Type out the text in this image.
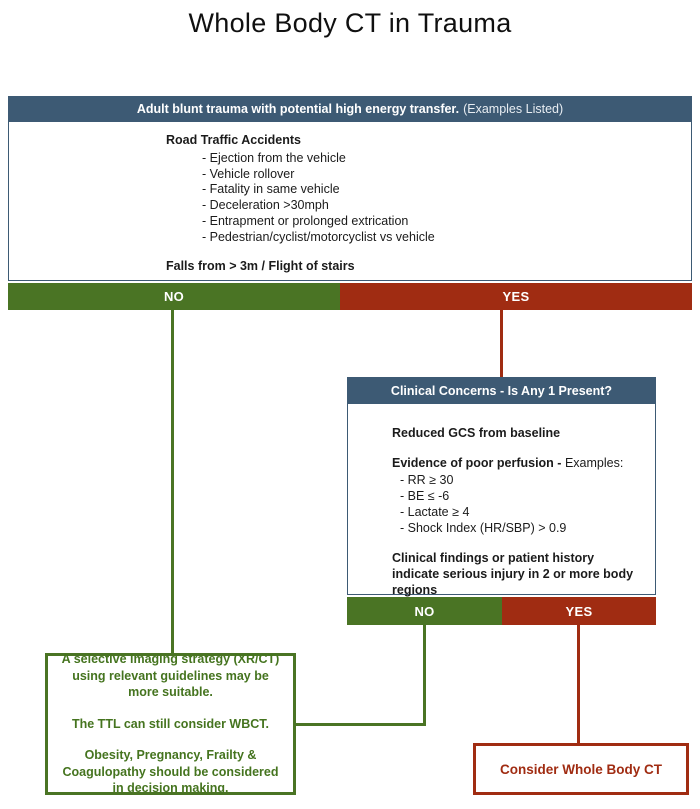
Whole Body CT in Trauma
Adult blunt trauma with potential high energy transfer. (Examples Listed)
Road Traffic Accidents
- Ejection from the vehicle
- Vehicle rollover
- Fatality in same vehicle
- Deceleration >30mph
- Entrapment or prolonged extrication
- Pedestrian/cyclist/motorcyclist vs vehicle
Falls from > 3m / Flight of stairs
NO	YES
Clinical Concerns - Is Any 1 Present?
Reduced GCS from baseline
Evidence of poor perfusion - Examples:
- RR ≥ 30
- BE ≤ -6
- Lactate ≥ 4
- Shock Index (HR/SBP) > 0.9
Clinical findings or patient history indicate serious injury in 2 or more body regions
NO	YES
A selective imaging strategy (XR/CT) using relevant guidelines may be more suitable.
The TTL can still consider WBCT.
Obesity, Pregnancy, Frailty & Coagulopathy should be considered in decision making.
Consider Whole Body CT
